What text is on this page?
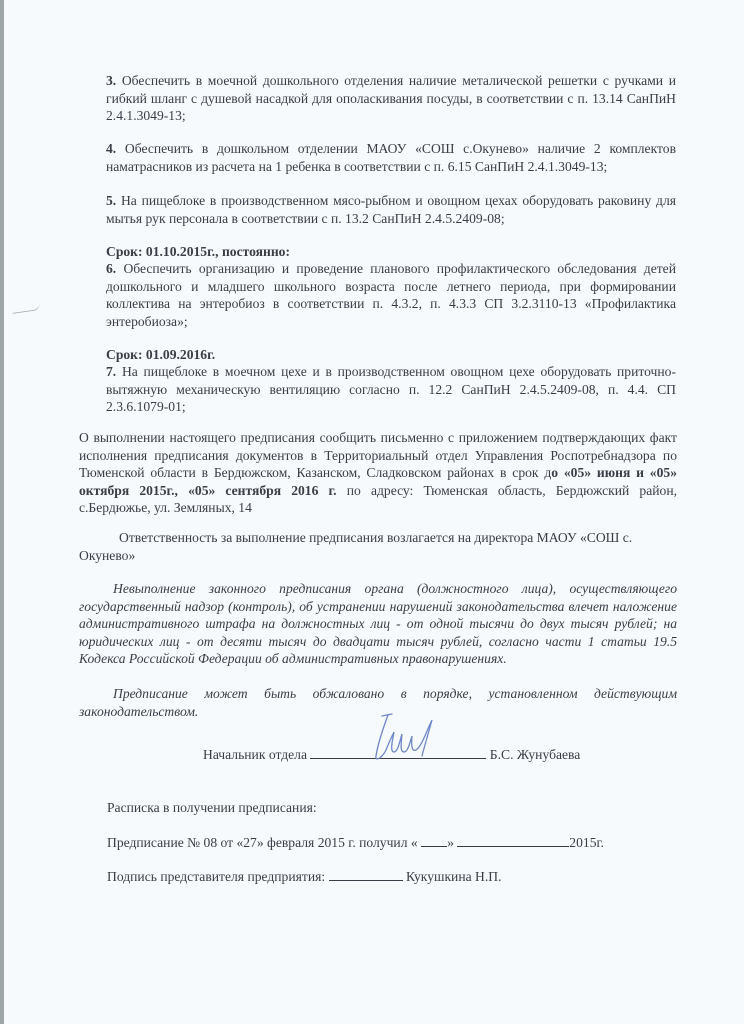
3. Обеспечить в моечной дошкольного отделения наличие металической решетки с ручками и гибкий шланг с душевой насадкой для ополаскивания посуды, в соответствии с п. 13.14 СанПиН 2.4.1.3049-13;
4. Обеспечить в дошкольном отделении МАОУ «СОШ с.Окунево» наличие 2 комплектов наматрасников из расчета на 1 ребенка в соответствии с п. 6.15 СанПиН 2.4.1.3049-13;
5. На пищеблоке в производственном мясо-рыбном и овощном цехах оборудовать раковину для мытья рук персонала в соответствии с п. 13.2 СанПиН 2.4.5.2409-08;
Срок: 01.10.2015г., постоянно:
6. Обеспечить организацию и проведение планового профилактического обследования детей дошкольного и младшего школьного возраста после летнего периода, при формировании коллектива на энтеробиоз в соответствии п. 4.3.2, п. 4.3.3 СП 3.2.3110-13 «Профилактика энтеробиоза»;
Срок: 01.09.2016г.
7. На пищеблоке в моечном цехе и в производственном овощном цехе оборудовать приточно-вытяжную механическую вентиляцию согласно п. 12.2 СанПиН 2.4.5.2409-08, п. 4.4. СП 2.3.6.1079-01;
О выполнении настоящего предписания сообщить письменно с приложением подтверждающих факт исполнения предписания документов в Территориальный отдел Управления Роспотребнадзора по Тюменской области в Бердюжском, Казанском, Сладковском районах в срок до «05» июня и «05» октября 2015г., «05» сентября 2016 г. по адресу: Тюменская область, Бердюжский район, с.Бердюжье, ул. Земляных, 14
Ответственность за выполнение предписания возлагается на директора МАОУ «СОШ с. Окунево»
Невыполнение законного предписания органа (должностного лица), осуществляющего государственный надзор (контроль), об устранении нарушений законодательства влечет наложение административного штрафа на должностных лиц - от одной тысячи до двух тысяч рублей; на юридических лиц - от десяти тысяч до двадцати тысяч рублей, согласно части 1 статьи 19.5 Кодекса Российской Федерации об административных правонарушениях.
Предписание может быть обжаловано в порядке, установленном действующим законодательством.
Начальник отдела	Б.С. Жунубаева
Расписка в получении предписания:
Предписание № 08 от «27» февраля 2015 г. получил « »	2015г.
Подпись представителя предприятия:	Кукушкина Н.П.
